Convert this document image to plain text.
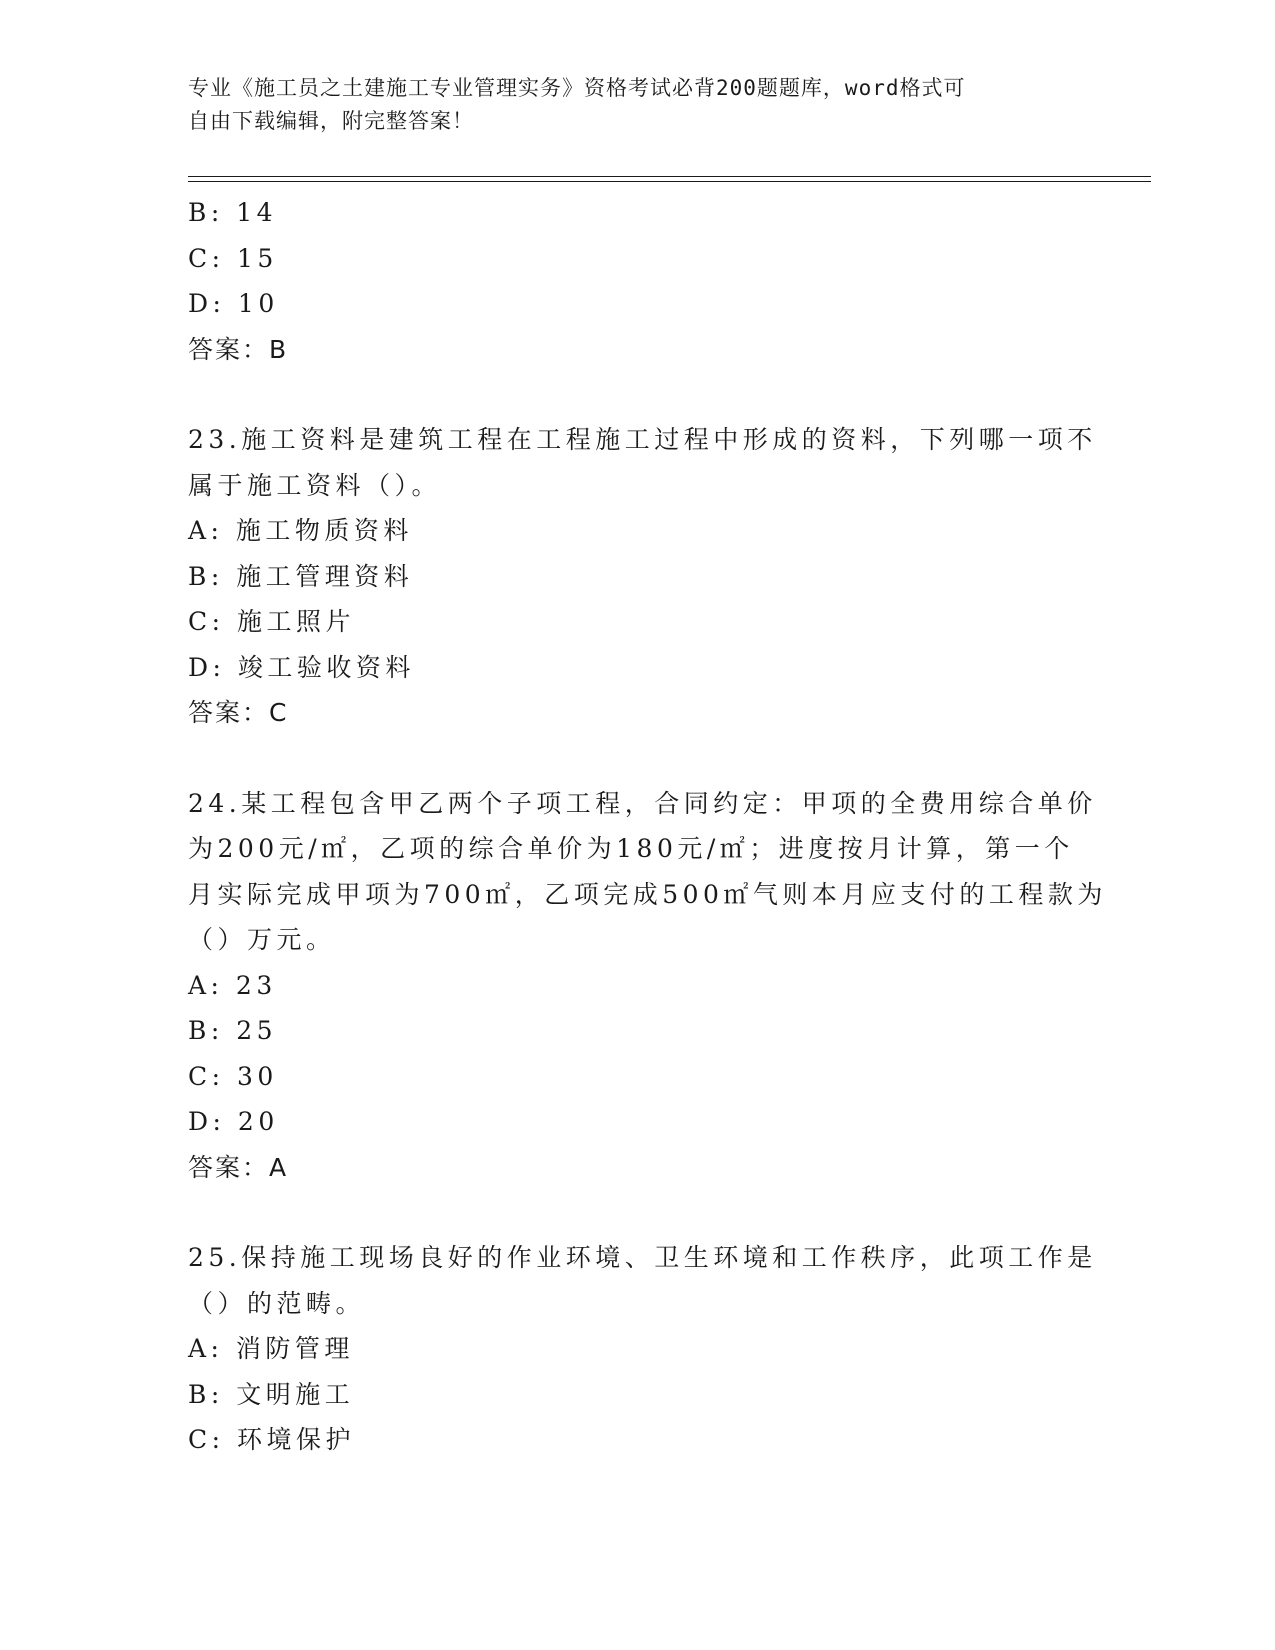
专业《施工员之土建施工专业管理实务》资格考试必背200题题库，word格式可
自由下载编辑，附完整答案！
B: 14
C: 15
D: 10
答案：B
23.施工资料是建筑工程在工程施工过程中形成的资料，下列哪一项不
属于施工资料（）。
A: 施工物质资料
B: 施工管理资料
C: 施工照片
D: 竣工验收资料
答案：C
24.某工程包含甲乙两个子项工程，合同约定：甲项的全费用综合单价
为200元/㎡，乙项的综合单价为180元/㎡；进度按月计算，第一个
月实际完成甲项为700㎡，乙项完成500㎡气则本月应支付的工程款为
（）万元。
A: 23
B: 25
C: 30
D: 20
答案：A
25.保持施工现场良好的作业环境、卫生环境和工作秩序，此项工作是
（）的范畴。
A: 消防管理
B: 文明施工
C: 环境保护
